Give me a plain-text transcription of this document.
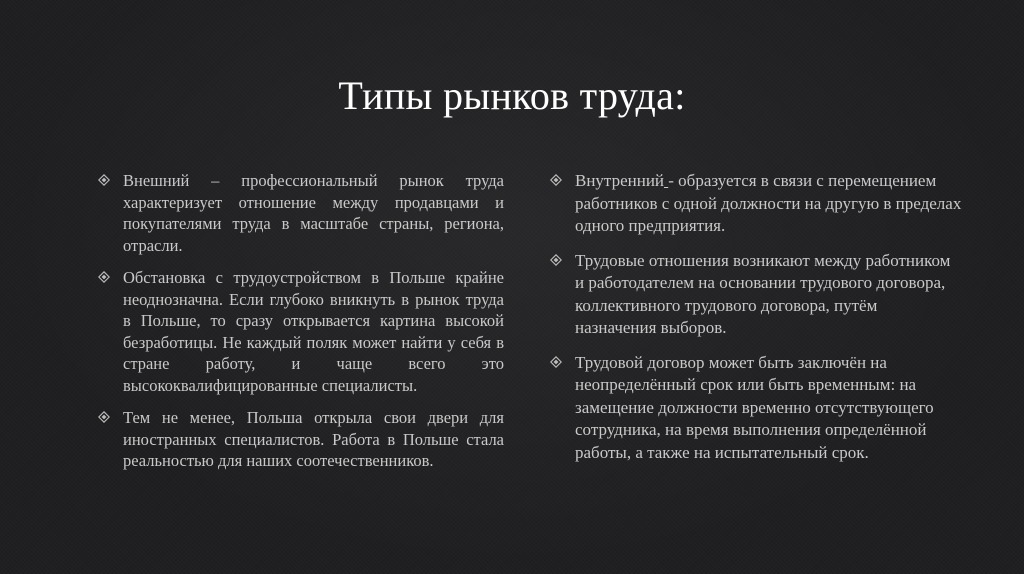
Типы рынков труда:
Внешний – профессиональный рынок труда характеризует отношение между продавцами и покупателями труда в масштабе страны, региона, отрасли.
Обстановка с трудоустройством в Польше крайне неоднозначна. Если глубоко вникнуть в рынок труда в Польше, то сразу открывается картина высокой безработицы. Не каждый поляк может найти у себя в стране работу, и чаще всего это высококвалифицированные специалисты.
Тем не менее, Польша открыла свои двери для иностранных специалистов. Работа в Польше стала реальностью для наших соотечественников.
Внутренний - образуется в связи с перемещением работников с одной должности на другую в пределах одного предприятия.
Трудовые отношения возникают между работником и работодателем на основании трудового договора, коллективного трудового договора, путём назначения выборов.
Трудовой договор может быть заключён на неопределённый срок или быть временным: на замещение должности временно отсутствующего сотрудника, на время выполнения определённой работы, а также на испытательный срок.
